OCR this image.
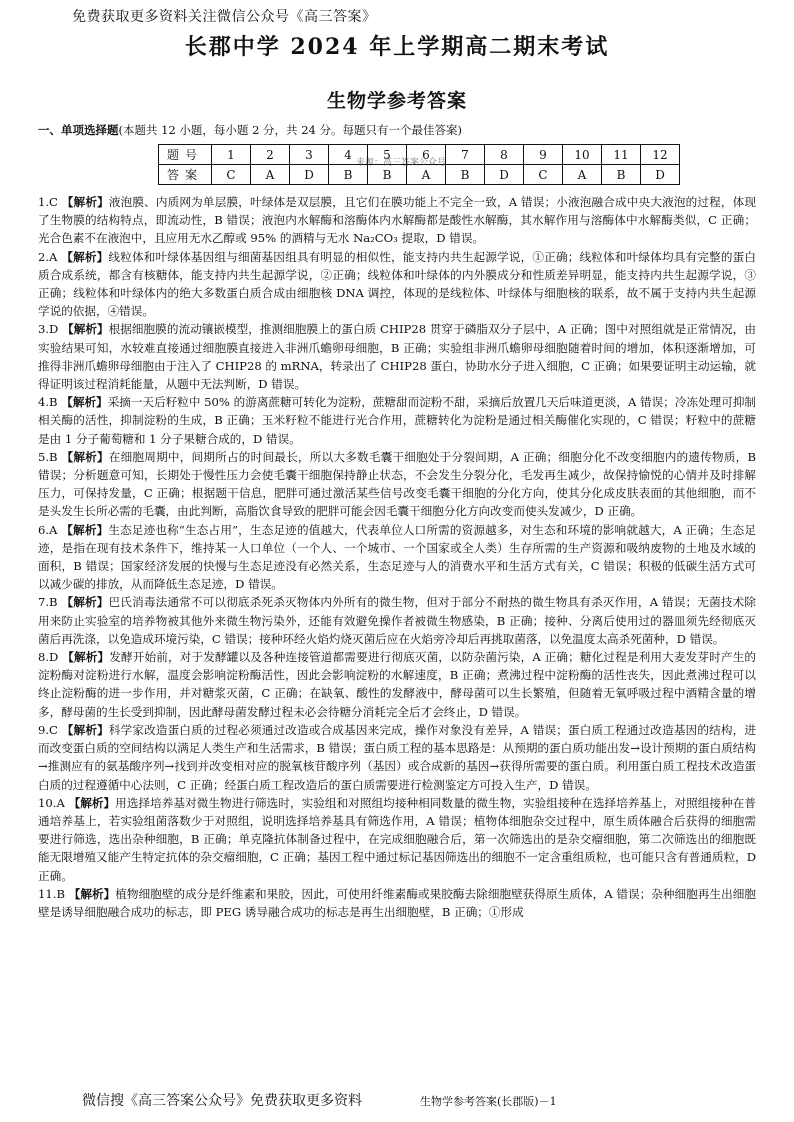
免费获取更多资料关注微信公众号《高三答案》
长郡中学 2024 年上学期高二期末考试
生物学参考答案
一、单项选择题(本题共 12 小题，每小题 2 分，共 24 分。每题只有一个最佳答案)
题号	1	2	3	4	5	6	7	8	9	10	11	12
答案	C	A	D	B	B	A	B	D	C	A	B	D
来源：高三答案公众号

1.C 【解析】液泡膜、内质网为单层膜，叶绿体是双层膜，且它们在膜功能上不完全一致，A 错误；小液泡融合成中央大液泡的过程，体现了生物膜的结构特点，即流动性，B 错误；液泡内水解酶和溶酶体内水解酶都是酸性水解酶，其水解作用与溶酶体中水解酶类似，C 正确；光合色素不在液泡中，且应用无水乙醇或 95% 的酒精与无水 Na₂CO₃ 提取，D 错误。

2.A 【解析】线粒体和叶绿体基因组与细菌基因组具有明显的相似性，能支持内共生起源学说，①正确；线粒体和叶绿体均具有完整的蛋白质合成系统，都含有核糖体，能支持内共生起源学说，②正确；线粒体和叶绿体的内外膜成分和性质差异明显，能支持内共生起源学说，③正确；线粒体和叶绿体内的绝大多数蛋白质合成由细胞核 DNA 调控，体现的是线粒体、叶绿体与细胞核的联系，故不属于支持内共生起源学说的依据，④错误。

3.D 【解析】根据细胞膜的流动镶嵌模型，推测细胞膜上的蛋白质 CHIP28 贯穿于磷脂双分子层中，A 正确；图中对照组就是正常情况，由实验结果可知，水较难直接通过细胞膜直接进入非洲爪蟾卵母细胞，B 正确；实验组非洲爪蟾卵母细胞随着时间的增加，体积逐渐增加，可推得非洲爪蟾卵母细胞由于注入了 CHIP28 的 mRNA，转录出了 CHIP28 蛋白，协助水分子进入细胞，C 正确；如果要证明主动运输，就得证明该过程消耗能量，从题中无法判断，D 错误。

4.B 【解析】采摘一天后籽粒中 50% 的游离蔗糖可转化为淀粉，蔗糖甜而淀粉不甜，采摘后放置几天后味道更淡，A 错误；冷冻处理可抑制相关酶的活性，抑制淀粉的生成，B 正确；玉米籽粒不能进行光合作用，蔗糖转化为淀粉是通过相关酶催化实现的，C 错误；籽粒中的蔗糖是由 1 分子葡萄糖和 1 分子果糖合成的，D 错误。

5.B 【解析】在细胞周期中，间期所占的时间最长，所以大多数毛囊干细胞处于分裂间期，A 正确；细胞分化不改变细胞内的遗传物质，B 错误；分析题意可知，长期处于慢性压力会使毛囊干细胞保持静止状态，不会发生分裂分化，毛发再生减少，故保持愉悦的心情并及时排解压力，可保持发量，C 正确；根据题干信息，肥胖可通过激活某些信号改变毛囊干细胞的分化方向，使其分化成皮肤表面的其他细胞，而不是头发生长所必需的毛囊，由此判断，高脂饮食导致的肥胖可能会因毛囊干细胞分化方向改变而使头发减少，D 正确。

6.A 【解析】生态足迹也称“生态占用”，生态足迹的值越大，代表单位人口所需的资源越多，对生态和环境的影响就越大，A 正确；生态足迹，是指在现有技术条件下，维持某一人口单位（一个人、一个城市、一个国家或全人类）生存所需的生产资源和吸纳废物的土地及水域的面积，B 错误；国家经济发展的快慢与生态足迹没有必然关系，生态足迹与人的消费水平和生活方式有关，C 错误；积极的低碳生活方式可以减少碳的排放，从而降低生态足迹，D 错误。

7.B 【解析】巴氏消毒法通常不可以彻底杀死杀灭物体内外所有的微生物，但对于部分不耐热的微生物具有杀灭作用，A 错误；无菌技术除用来防止实验室的培养物被其他外来微生物污染外，还能有效避免操作者被微生物感染，B 正确；接种、分离后使用过的器皿须先经彻底灭菌后再洗涤，以免造成环境污染，C 错误；接种环经火焰灼烧灭菌后应在火焰旁冷却后再挑取菌落，以免温度太高杀死菌种，D 错误。

8.D 【解析】发酵开始前，对于发酵罐以及各种连接管道都需要进行彻底灭菌，以防杂菌污染，A 正确；糖化过程是利用大麦发芽时产生的淀粉酶对淀粉进行水解，温度会影响淀粉酶活性，因此会影响淀粉的水解速度，B 正确；煮沸过程中淀粉酶的活性丧失，因此煮沸过程可以终止淀粉酶的进一步作用，并对糖浆灭菌，C 正确；在缺氧、酸性的发酵液中，酵母菌可以生长繁殖，但随着无氧呼吸过程中酒精含量的增多，酵母菌的生长受到抑制，因此酵母菌发酵过程未必会待糖分消耗完全后才会终止，D 错误。

9.C 【解析】科学家改造蛋白质的过程必须通过改造或合成基因来完成，操作对象没有差异，A 错误；蛋白质工程通过改造基因的结构，进而改变蛋白质的空间结构以满足人类生产和生活需求，B 错误；蛋白质工程的基本思路是：从预期的蛋白质功能出发→设计预期的蛋白质结构→推测应有的氨基酸序列→找到并改变相对应的脱氧核苷酸序列（基因）或合成新的基因→获得所需要的蛋白质。利用蛋白质工程技术改造蛋白质的过程遵循中心法则，C 正确；经蛋白质工程改造后的蛋白质需要进行检测鉴定方可投入生产，D 错误。

10.A 【解析】用选择培养基对微生物进行筛选时，实验组和对照组均接种相同数量的微生物，实验组接种在选择培养基上，对照组接种在普通培养基上，若实验组菌落数少于对照组，说明选择培养基具有筛选作用，A 错误；植物体细胞杂交过程中，原生质体融合后获得的细胞需要进行筛选，选出杂种细胞，B 正确；单克隆抗体制备过程中，在完成细胞融合后，第一次筛选出的是杂交瘤细胞，第二次筛选出的细胞既能无限增殖又能产生特定抗体的杂交瘤细胞，C 正确；基因工程中通过标记基因筛选出的细胞不一定含重组质粒，也可能只含有普通质粒，D 正确。

11.B 【解析】植物细胞壁的成分是纤维素和果胶，因此，可使用纤维素酶或果胶酶去除细胞壁获得原生质体，A 错误；杂种细胞再生出细胞壁是诱导细胞融合成功的标志，即 PEG 诱导融合成功的标志是再生出细胞壁，B 正确；①形成

微信搜《高三答案公众号》免费获取更多资料	生物学参考答案(长郡版)－1
